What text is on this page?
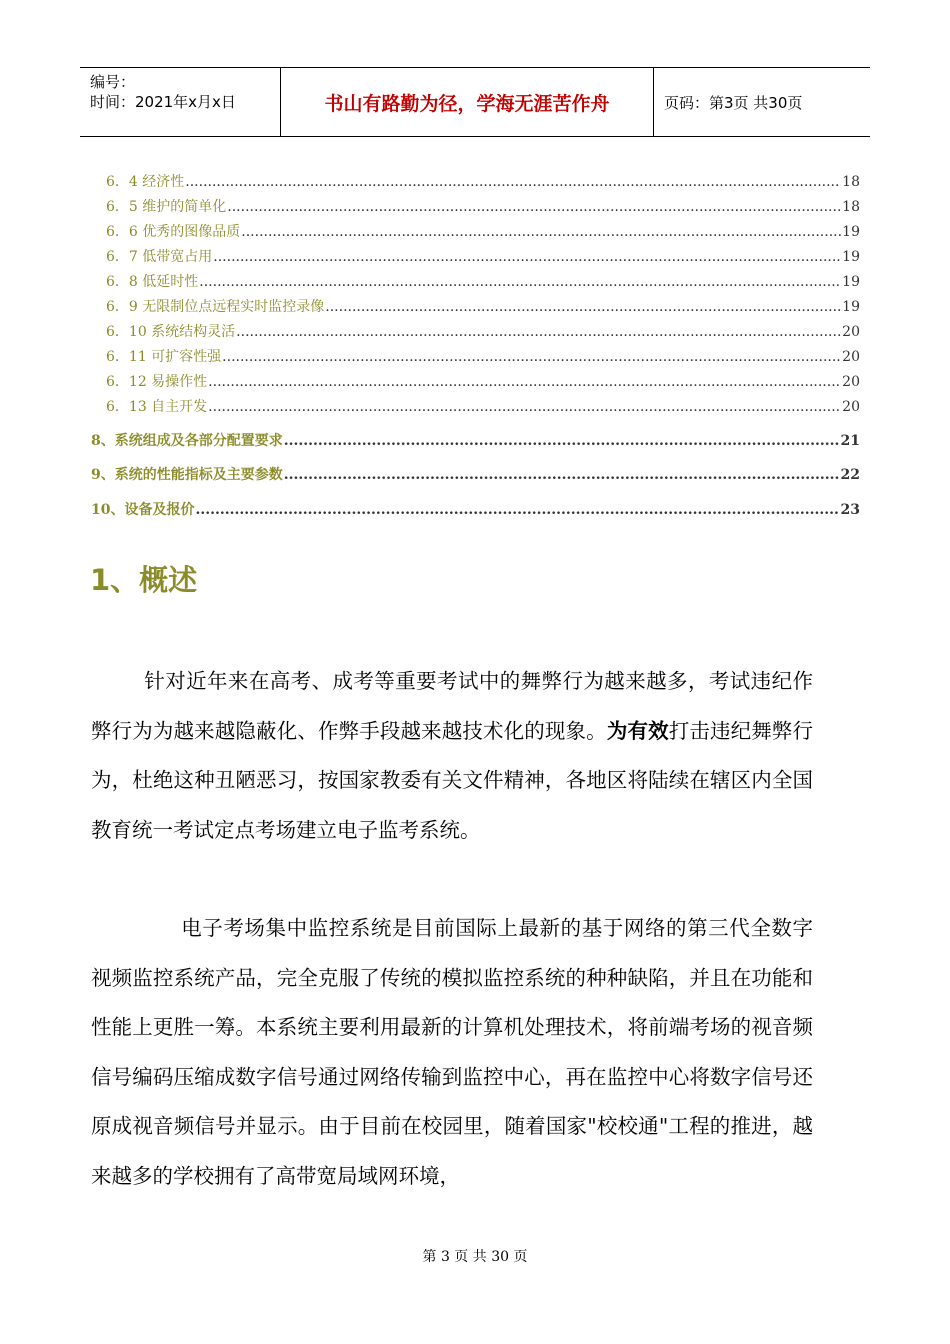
编号：
时间：2021年x月x日	书山有路勤为径，学海无涯苦作舟	页码：第3页 共30页
6．4 经济性 .....	18
6．5 维护的简单化 .....	18
6．6 优秀的图像品质 .....	19
6．7 低带宽占用 .....	19
6．8 低延时性 .....	19
6．9 无限制位点远程实时监控录像 .....	19
6．10 系统结构灵活 .....	20
6．11 可扩容性强 .....	20
6．12 易操作性 .....	20
6．13 自主开发 .....	20
8、系统组成及各部分配置要求 .....	21
9、系统的性能指标及主要参数 .....	22
10、设备及报价 .....	23
1、概述
针对近年来在高考、成考等重要考试中的舞弊行为越来越多，考试违纪作弊行为为越来越隐蔽化、作弊手段越来越技术化的现象。为有效打击违纪舞弊行为，杜绝这种丑陋恶习，按国家教委有关文件精神，各地区将陆续在辖区内全国教育统一考试定点考场建立电子监考系统。
电子考场集中监控系统是目前国际上最新的基于网络的第三代全数字视频监控系统产品，完全克服了传统的模拟监控系统的种种缺陷，并且在功能和性能上更胜一筹。本系统主要利用最新的计算机处理技术，将前端考场的视音频信号编码压缩成数字信号通过网络传输到监控中心，再在监控中心将数字信号还原成视音频信号并显示。由于目前在校园里，随着国家"校校通"工程的推进，越来越多的学校拥有了高带宽局域网环境，
第 3 页 共 30 页
